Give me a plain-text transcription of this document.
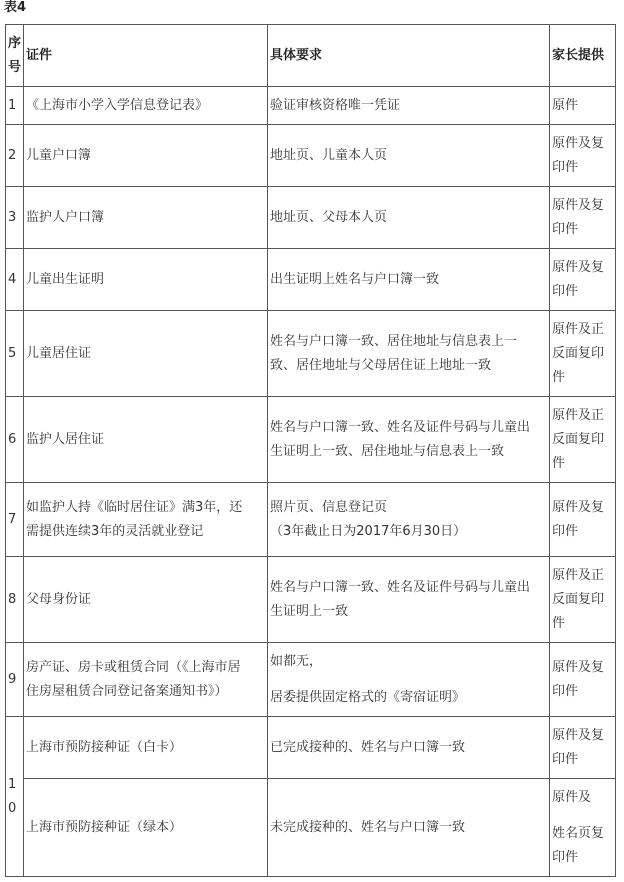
表4
序
号	证件	具体要求	家长提供
1	《上海市小学入学信息登记表》	验证审核资格唯一凭证	原件
2	儿童户口簿	地址页、儿童本人页	原件及复
印件

3	监护人户口簿	地址页、父母本人页	原件及复
印件

4	儿童出生证明	出生证明上姓名与户口簿一致	原件及复
印件

5	儿童居住证	姓名与户口簿一致、居住地址与信息表上一
致、居住地址与父母居住证上地址一致	原件及正
反面复印
件

6	监护人居住证	姓名与户口簿一致、姓名及证件号码与儿童出
生证明上一致、居住地址与信息表上一致	原件及正
反面复印
件

7	如监护人持《临时居住证》满3年，还
需提供连续3年的灵活就业登记	照片页、信息登记页
（3年截止日为2017年6月30日）	原件及复
印件

8	父母身份证	姓名与户口簿一致、姓名及证件号码与儿童出
生证明上一致	原件及正
反面复印
件

9	房产证、房卡或租赁合同（《上海市居
住房屋租赁合同登记备案通知书》）	如都无，
居委提供固定格式的《寄宿证明》	原件及复
印件

10	上海市预防接种证（白卡）	已完成接种的、姓名与户口簿一致	原件及复
印件

	上海市预防接种证（绿本）	未完成接种的、姓名与户口簿一致	原件及
姓名页复
印件
